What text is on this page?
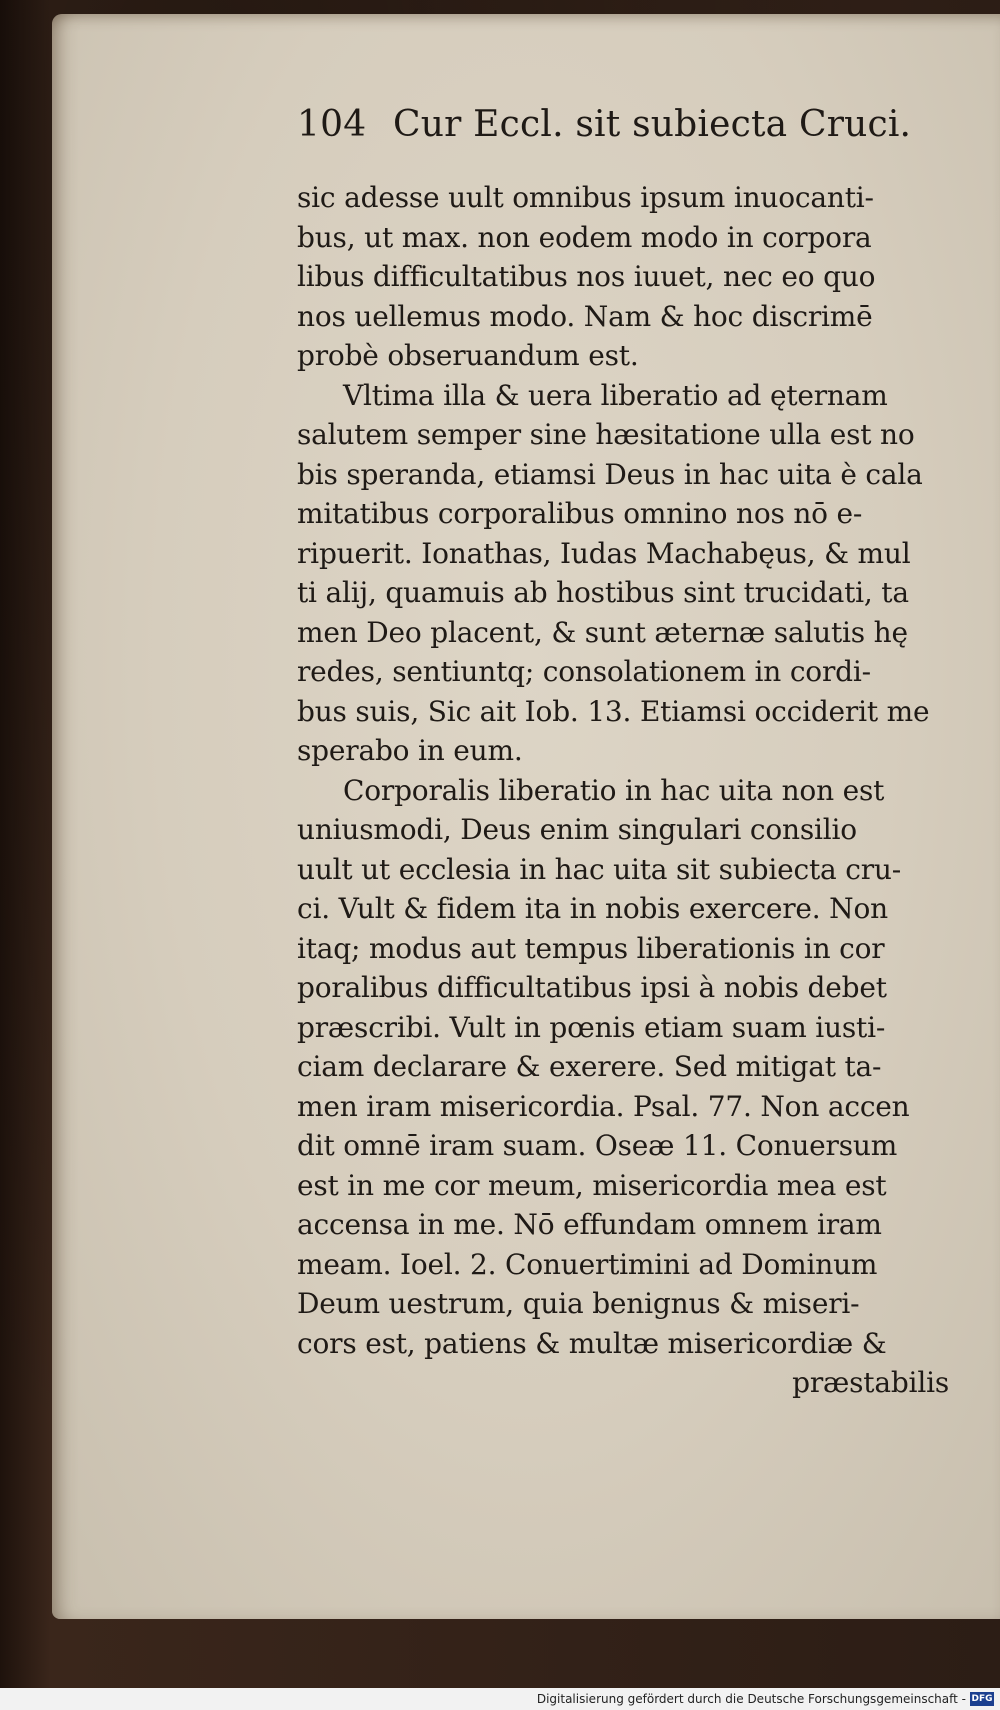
104 Cur Eccl. sit subiecta Cruci.
sic adesse uult omnibus ipsum inuocanti-
bus, ut max. non eodem modo in corpora
libus difficultatibus nos iuuet, nec eo quo
nos uellemus modo. Nam & hoc discrimē
probè obseruandum est.
Vltima illa & uera liberatio ad ęternam
salutem semper sine hæsitatione ulla est no
bis speranda, etiamsi Deus in hac uita è cala
mitatibus corporalibus omnino nos nō e-
ripuerit. Ionathas, Iudas Machabęus, & mul
ti alij, quamuis ab hostibus sint trucidati, ta
men Deo placent, & sunt æternæ salutis hę
redes, sentiuntq; consolationem in cordi-
bus suis, Sic ait Iob. 13. Etiamsi occiderit me
sperabo in eum.
Corporalis liberatio in hac uita non est
uniusmodi, Deus enim singulari consilio
uult ut ecclesia in hac uita sit subiecta cru-
ci. Vult & fidem ita in nobis exercere. Non
itaq; modus aut tempus liberationis in cor
poralibus difficultatibus ipsi à nobis debet
præscribi. Vult in pœnis etiam suam iusti-
ciam declarare & exerere. Sed mitigat ta-
men iram misericordia. Psal. 77. Non accen
dit omnē iram suam. Oseæ 11. Conuersum
est in me cor meum, misericordia mea est
accensa in me. Nō effundam omnem iram
meam. Ioel. 2. Conuertimini ad Dominum
Deum uestrum, quia benignus & miseri-
cors est, patiens & multæ misericordiæ &
præstabilis
Digitalisierung gefördert durch die Deutsche Forschungsgemeinschaft - DFG
